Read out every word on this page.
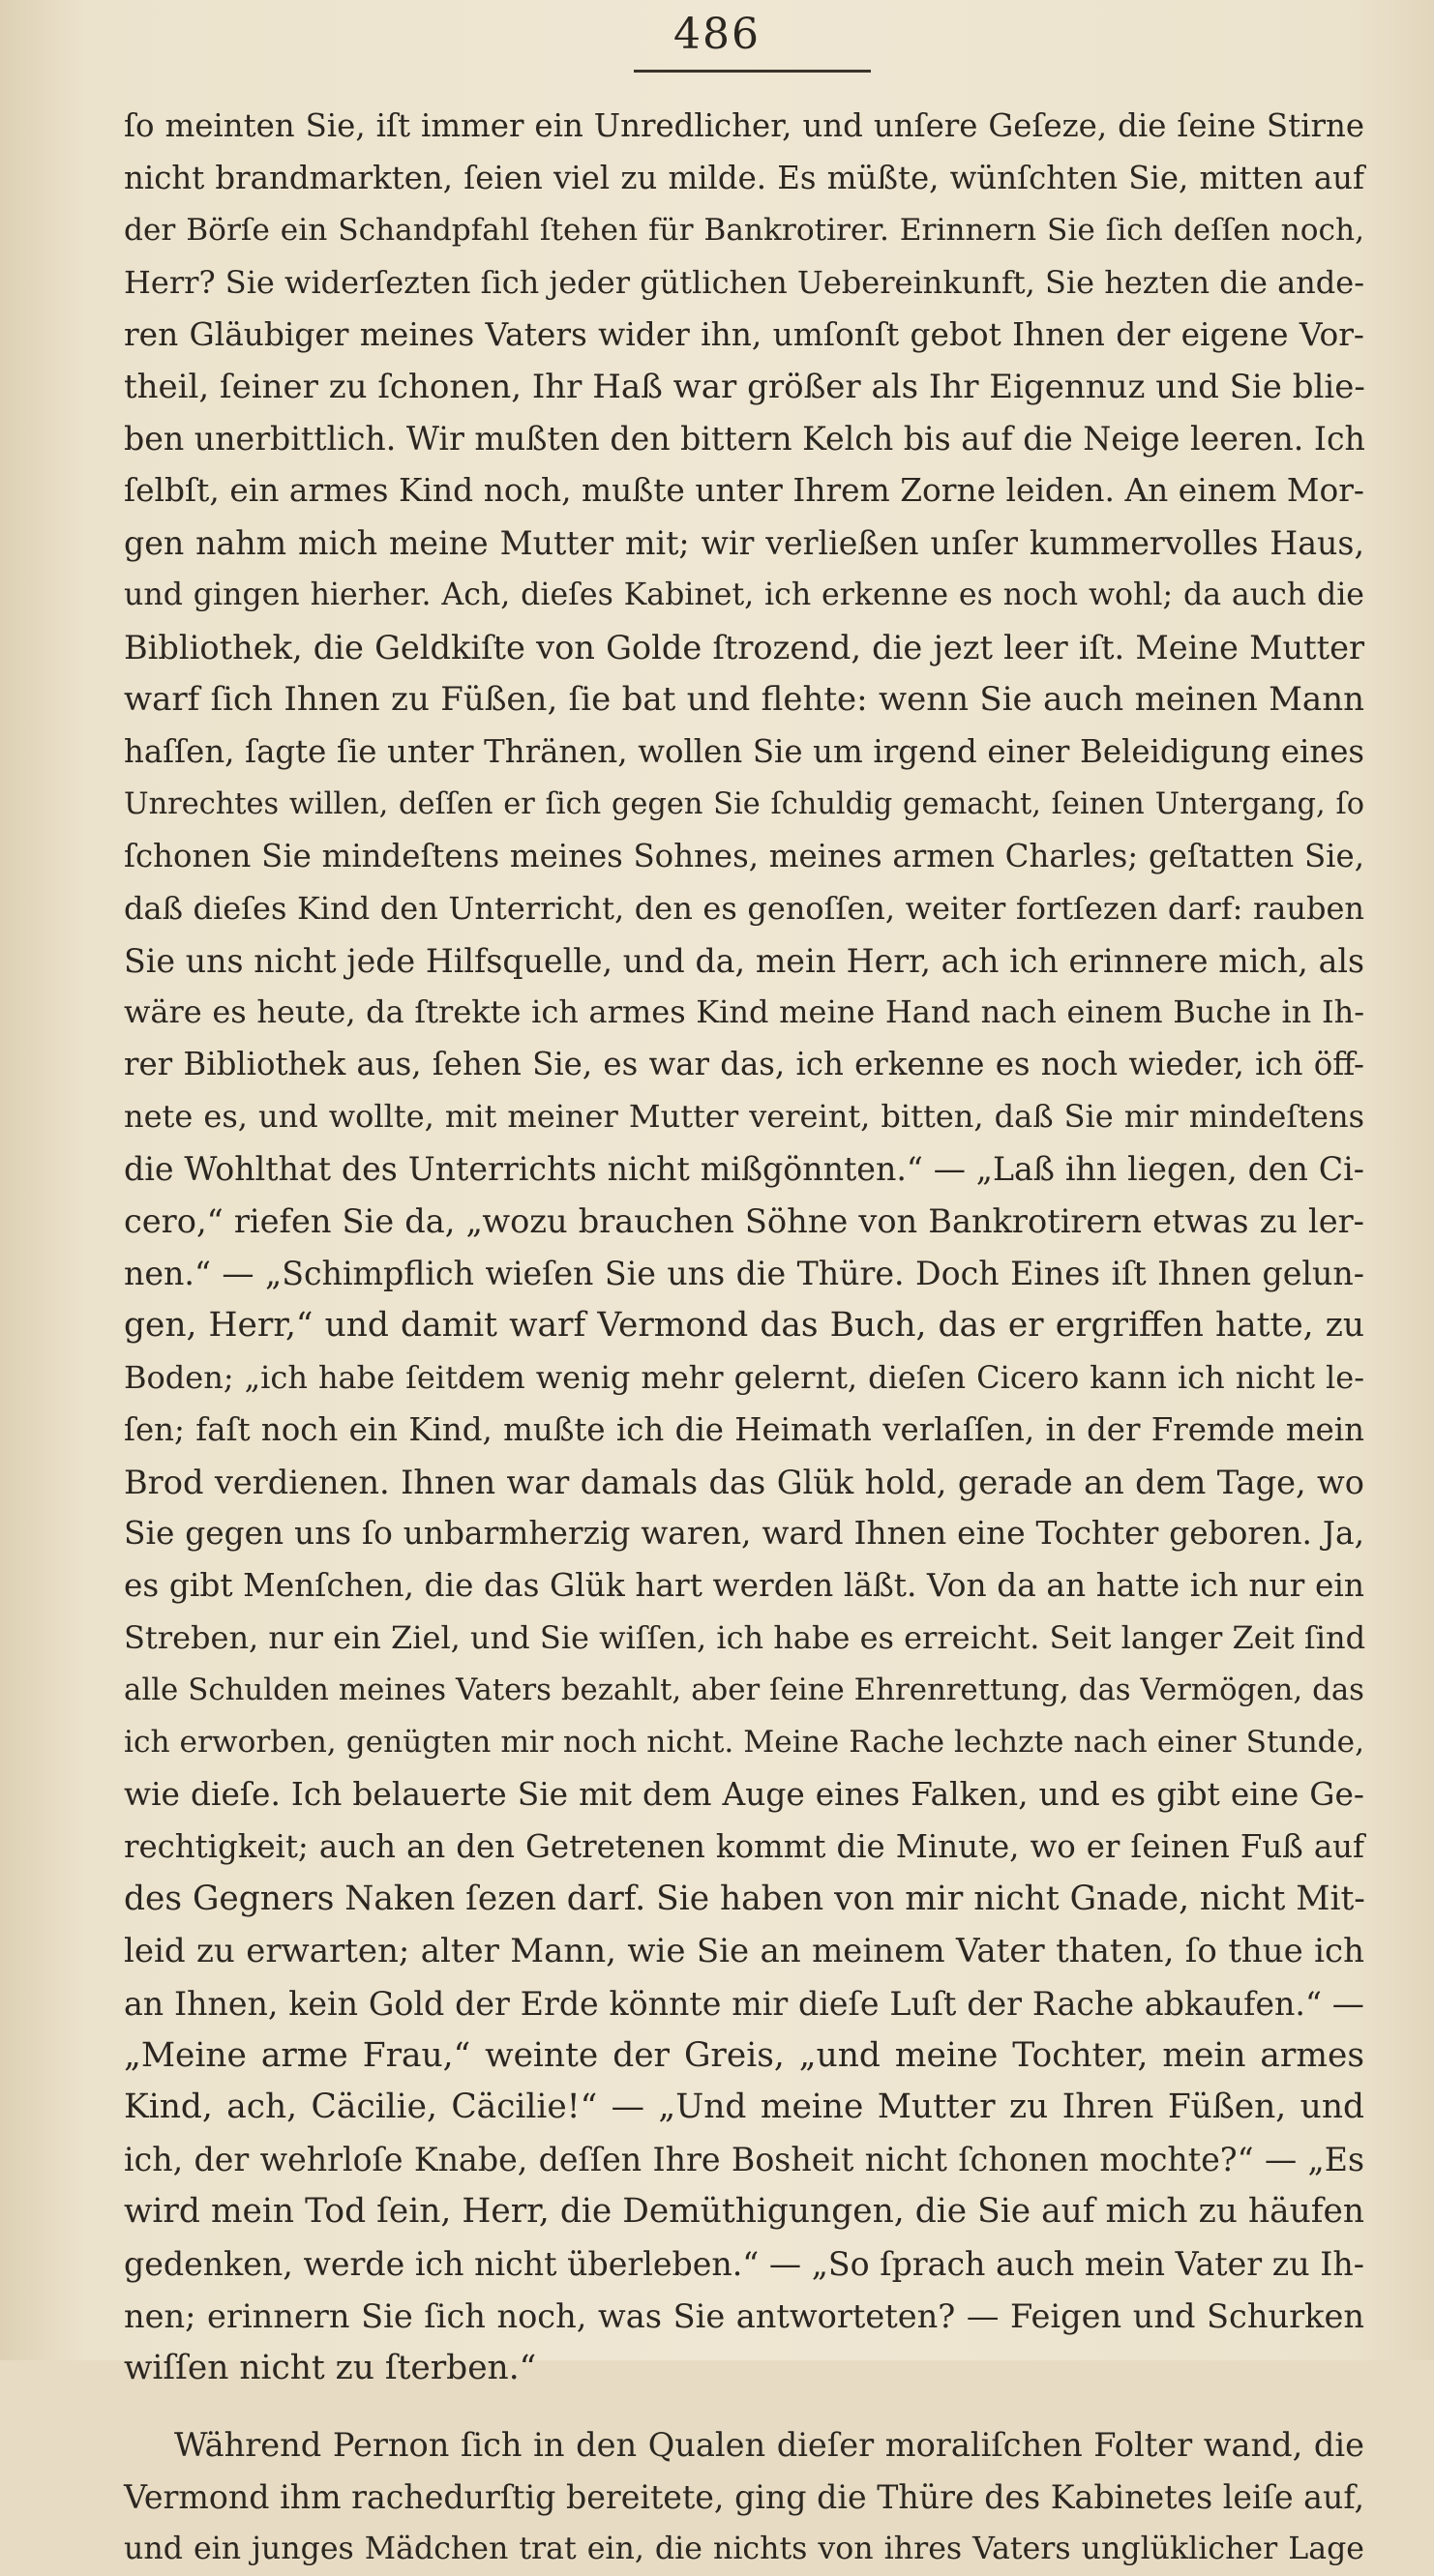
486
ſo meinten Sie, iſt immer ein Unredlicher, und unſere Geſeze, die ſeine Stirne
nicht brandmarkten, ſeien viel zu milde. Es müßte, wünſchten Sie, mitten auf
der Börſe ein Schandpfahl ſtehen für Bankrotirer. Erinnern Sie ſich deſſen noch,
Herr? Sie widerſezten ſich jeder gütlichen Uebereinkunft, Sie hezten die ande-
ren Gläubiger meines Vaters wider ihn, umſonſt gebot Ihnen der eigene Vor-
theil, ſeiner zu ſchonen, Ihr Haß war größer als Ihr Eigennuz und Sie blie-
ben unerbittlich. Wir mußten den bittern Kelch bis auf die Neige leeren. Ich
ſelbſt, ein armes Kind noch, mußte unter Ihrem Zorne leiden. An einem Mor-
gen nahm mich meine Mutter mit; wir verließen unſer kummervolles Haus,
und gingen hierher. Ach, dieſes Kabinet, ich erkenne es noch wohl; da auch die
Bibliothek, die Geldkiſte von Golde ſtrozend, die jezt leer iſt. Meine Mutter
warf ſich Ihnen zu Füßen, ſie bat und flehte: wenn Sie auch meinen Mann
haſſen, ſagte ſie unter Thränen, wollen Sie um irgend einer Beleidigung eines
Unrechtes willen, deſſen er ſich gegen Sie ſchuldig gemacht, ſeinen Untergang, ſo
ſchonen Sie mindeſtens meines Sohnes, meines armen Charles; geſtatten Sie,
daß dieſes Kind den Unterricht, den es genoſſen, weiter fortſezen darf: rauben
Sie uns nicht jede Hilfsquelle, und da, mein Herr, ach ich erinnere mich, als
wäre es heute, da ſtrekte ich armes Kind meine Hand nach einem Buche in Ih-
rer Bibliothek aus, ſehen Sie, es war das, ich erkenne es noch wieder, ich öff-
nete es, und wollte, mit meiner Mutter vereint, bitten, daß Sie mir mindeſtens
die Wohlthat des Unterrichts nicht mißgönnten.“ — „Laß ihn liegen, den Ci-
cero,“ riefen Sie da, „wozu brauchen Söhne von Bankrotirern etwas zu ler-
nen.“ — „Schimpflich wieſen Sie uns die Thüre. Doch Eines iſt Ihnen gelun-
gen, Herr,“ und damit warf Vermond das Buch, das er ergriffen hatte, zu
Boden; „ich habe ſeitdem wenig mehr gelernt, dieſen Cicero kann ich nicht le-
ſen; faſt noch ein Kind, mußte ich die Heimath verlaſſen, in der Fremde mein
Brod verdienen. Ihnen war damals das Glük hold, gerade an dem Tage, wo
Sie gegen uns ſo unbarmherzig waren, ward Ihnen eine Tochter geboren. Ja,
es gibt Menſchen, die das Glük hart werden läßt. Von da an hatte ich nur ein
Streben, nur ein Ziel, und Sie wiſſen, ich habe es erreicht. Seit langer Zeit ſind
alle Schulden meines Vaters bezahlt, aber ſeine Ehrenrettung, das Vermögen, das
ich erworben, genügten mir noch nicht. Meine Rache lechzte nach einer Stunde,
wie dieſe. Ich belauerte Sie mit dem Auge eines Falken, und es gibt eine Ge-
rechtigkeit; auch an den Getretenen kommt die Minute, wo er ſeinen Fuß auf
des Gegners Naken ſezen darf. Sie haben von mir nicht Gnade, nicht Mit-
leid zu erwarten; alter Mann, wie Sie an meinem Vater thaten, ſo thue ich
an Ihnen, kein Gold der Erde könnte mir dieſe Luſt der Rache abkaufen.“ —
„Meine arme Frau,“ weinte der Greis, „und meine Tochter, mein armes
Kind, ach, Cäcilie, Cäcilie!“ — „Und meine Mutter zu Ihren Füßen, und
ich, der wehrloſe Knabe, deſſen Ihre Bosheit nicht ſchonen mochte?“ — „Es
wird mein Tod ſein, Herr, die Demüthigungen, die Sie auf mich zu häufen
gedenken, werde ich nicht überleben.“ — „So ſprach auch mein Vater zu Ih-
nen; erinnern Sie ſich noch, was Sie antworteten? — Feigen und Schurken
wiſſen nicht zu ſterben.“
Während Pernon ſich in den Qualen dieſer moraliſchen Folter wand, die
Vermond ihm rachedurſtig bereitete, ging die Thüre des Kabinetes leiſe auf,
und ein junges Mädchen trat ein, die nichts von ihres Vaters unglüklicher Lage
